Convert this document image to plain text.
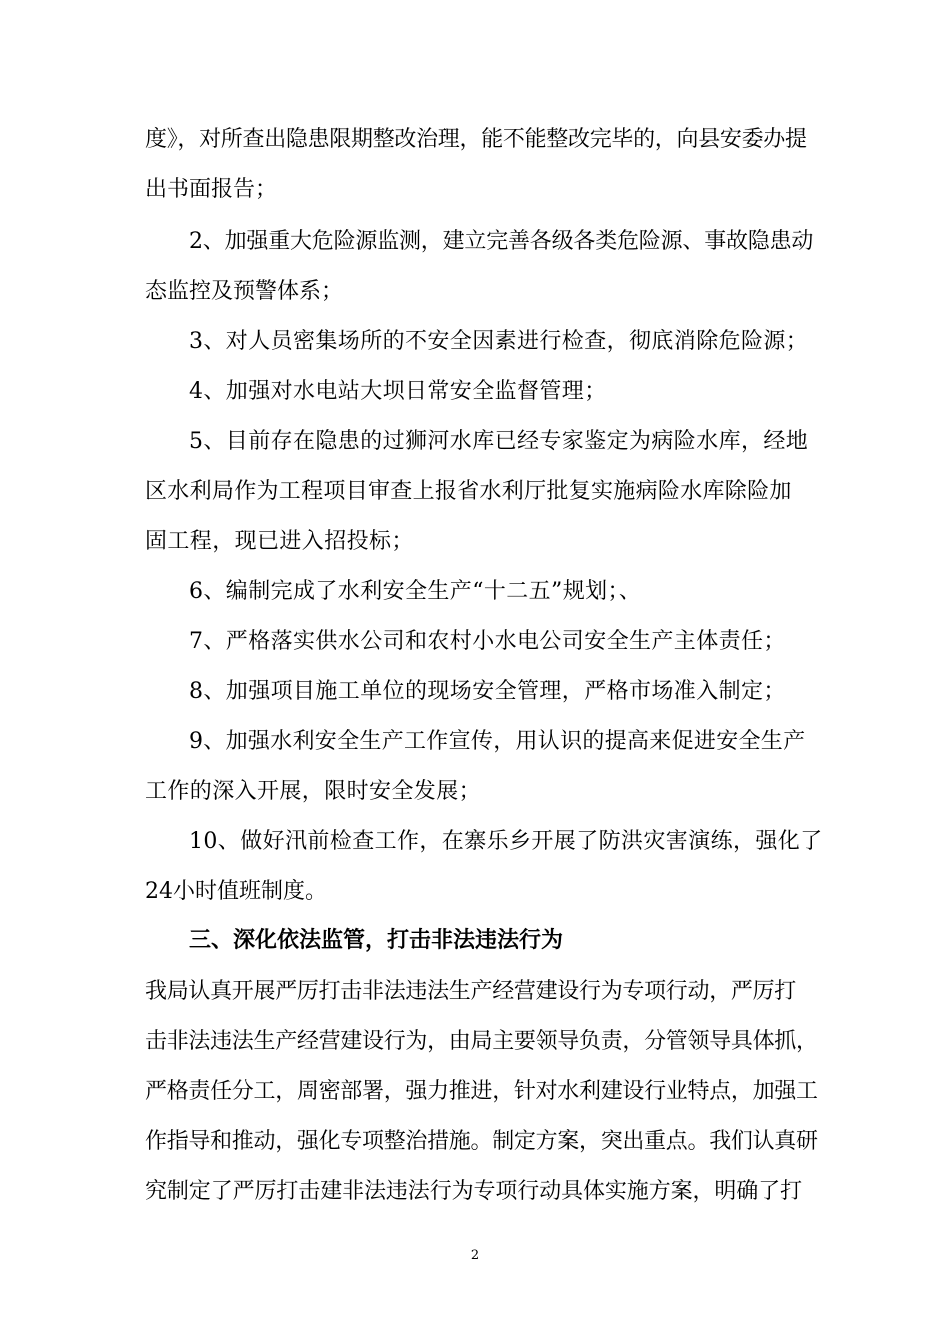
度》，对所查出隐患限期整改治理，能不能整改完毕的，向县安委办提
出书面报告；
2、加强重大危险源监测，建立完善各级各类危险源、事故隐患动
态监控及预警体系；
3、对人员密集场所的不安全因素进行检查，彻底消除危险源；
4、加强对水电站大坝日常安全监督管理；
5、目前存在隐患的过狮河水库已经专家鉴定为病险水库，经地
区水利局作为工程项目审查上报省水利厅批复实施病险水库除险加
固工程，现已进入招投标；
6、编制完成了水利安全生产“十二五”规划；、
7、严格落实供水公司和农村小水电公司安全生产主体责任；
8、加强项目施工单位的现场安全管理，严格市场准入制定；
9、加强水利安全生产工作宣传，用认识的提高来促进安全生产
工作的深入开展，限时安全发展；
10、做好汛前检查工作，在寨乐乡开展了防洪灾害演练，强化了
24小时值班制度。
三、深化依法监管，打击非法违法行为
我局认真开展严厉打击非法违法生产经营建设行为专项行动，严厉打
击非法违法生产经营建设行为，由局主要领导负责，分管领导具体抓，
严格责任分工，周密部署，强力推进，针对水利建设行业特点，加强工
作指导和推动，强化专项整治措施。制定方案，突出重点。我们认真研
究制定了严厉打击建非法违法行为专项行动具体实施方案，明确了打
2
